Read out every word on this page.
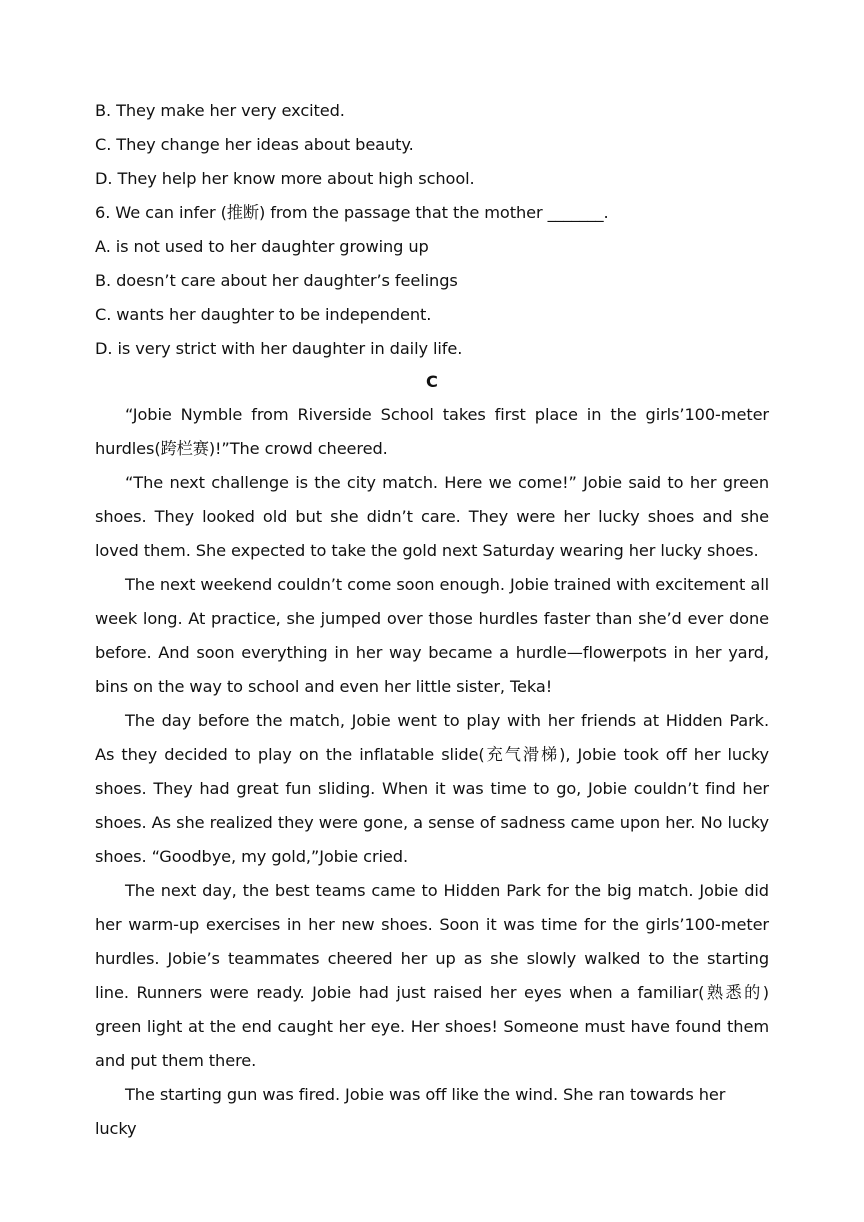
B. They make her very excited.
C. They change her ideas about beauty.
D. They help her know more about high school.
6. We can infer (推断) from the passage that the mother _______.
A. is not used to her daughter growing up
B. doesn’t care about her daughter’s feelings
C. wants her daughter to be independent.
D. is very strict with her daughter in daily life.
C

“Jobie Nymble from Riverside School takes first place in the girls’100-meter hurdles(跨栏赛)!”The crowd cheered.

“The next challenge is the city match. Here we come!” Jobie said to her green shoes. They looked old but she didn’t care. They were her lucky shoes and she loved them. She expected to take the gold next Saturday wearing her lucky shoes.

The next weekend couldn’t come soon enough. Jobie trained with excitement all week long. At practice, she jumped over those hurdles faster than she’d ever done before. And soon everything in her way became a hurdle—flowerpots in her yard, bins on the way to school and even her little sister, Teka!

The day before the match, Jobie went to play with her friends at Hidden Park. As they decided to play on the inflatable slide(充气滑梯), Jobie took off her lucky shoes. They had great fun sliding. When it was time to go, Jobie couldn’t find her shoes. As she realized they were gone, a sense of sadness came upon her. No lucky shoes. “Goodbye, my gold,”Jobie cried.

The next day, the best teams came to Hidden Park for the big match. Jobie did her warm-up exercises in her new shoes. Soon it was time for the girls’100-meter hurdles. Jobie’s teammates cheered her up as she slowly walked to the starting line. Runners were ready. Jobie had just raised her eyes when a familiar(熟悉的) green light at the end caught her eye. Her shoes! Someone must have found them and put them there.

The starting gun was fired. Jobie was off like the wind. She ran towards her lucky
